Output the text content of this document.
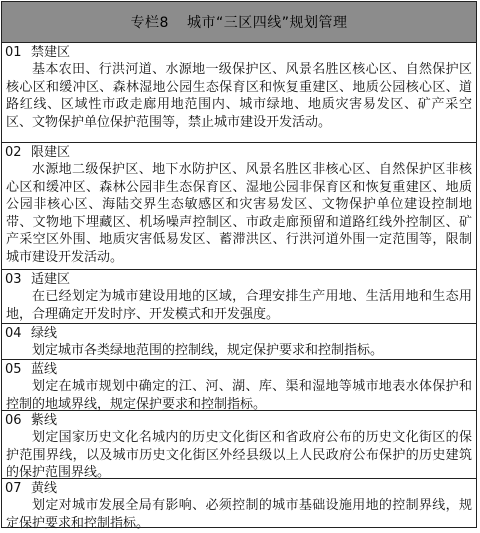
专栏8 城市“三区四线”规划管理
01 禁建区
基本农田、行洪河道、水源地一级保护区、风景名胜区核心区、自然保护区核心区和缓冲区、森林湿地公园生态保育区和恢复重建区、地质公园核心区、道路红线、区域性市政走廊用地范围内、城市绿地、地质灾害易发区、矿产采空区、文物保护单位保护范围等，禁止城市建设开发活动。
02 限建区
水源地二级保护区、地下水防护区、风景名胜区非核心区、自然保护区非核心区和缓冲区、森林公园非生态保育区、湿地公园非保育区和恢复重建区、地质公园非核心区、海陆交界生态敏感区和灾害易发区、文物保护单位建设控制地带、文物地下埋藏区、机场噪声控制区、市政走廊预留和道路红线外控制区、矿产采空区外围、地质灾害低易发区、蓄滞洪区、行洪河道外围一定范围等，限制城市建设开发活动。
03 适建区
在已经划定为城市建设用地的区域，合理安排生产用地、生活用地和生态用地，合理确定开发时序、开发模式和开发强度。
04 绿线
划定城市各类绿地范围的控制线，规定保护要求和控制指标。
05 蓝线
划定在城市规划中确定的江、河、湖、库、渠和湿地等城市地表水体保护和控制的地域界线，规定保护要求和控制指标。
06 紫线
划定国家历史文化名城内的历史文化街区和省政府公布的历史文化街区的保护范围界线，以及城市历史文化街区外经县级以上人民政府公布保护的历史建筑的保护范围界线。
07 黄线
划定对城市发展全局有影响、必须控制的城市基础设施用地的控制界线，规定保护要求和控制指标。
